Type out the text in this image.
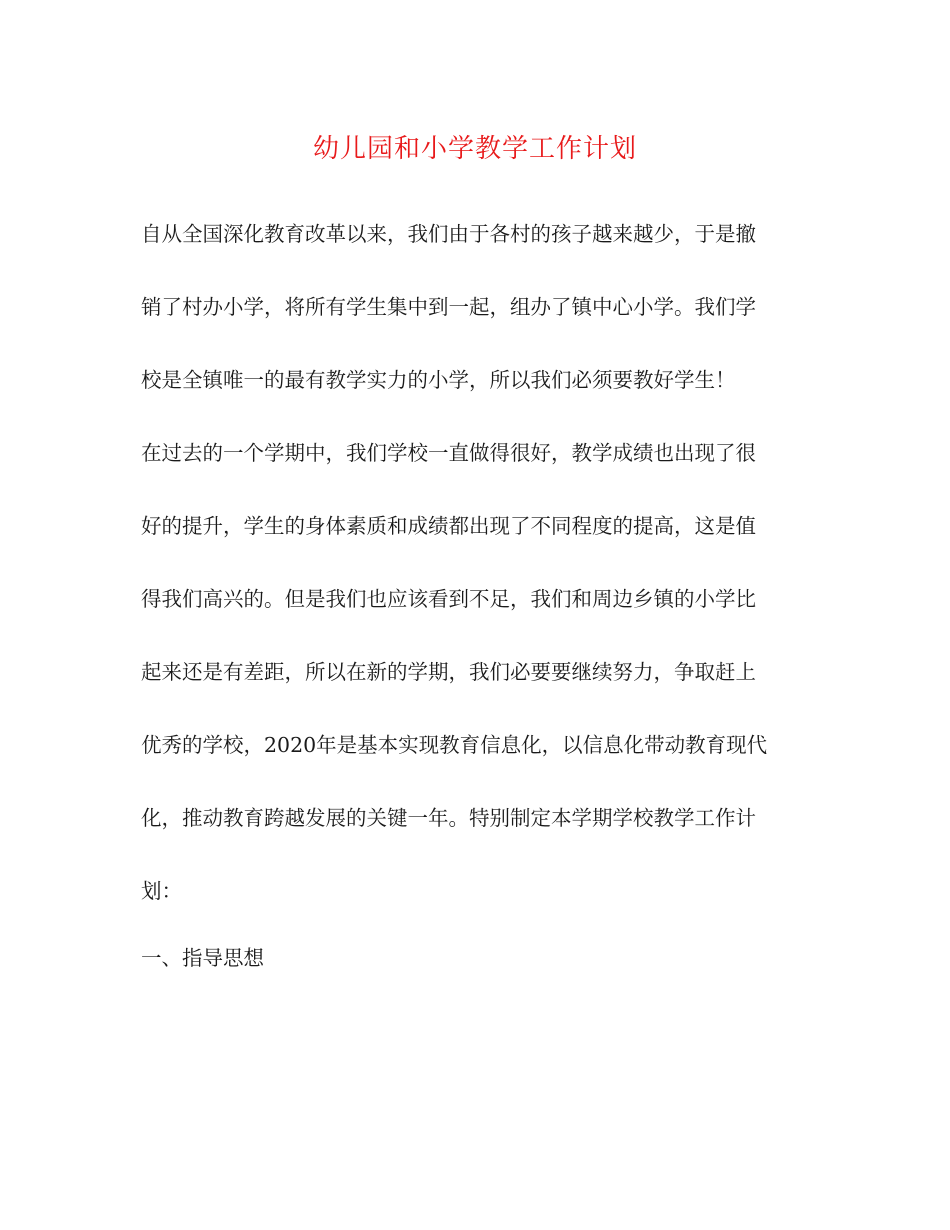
幼儿园和小学教学工作计划

自从全国深化教育改革以来，我们由于各村的孩子越来越少，于是撤

销了村办小学，将所有学生集中到一起，组办了镇中心小学。我们学

校是全镇唯一的最有教学实力的小学，所以我们必须要教好学生！

在过去的一个学期中，我们学校一直做得很好，教学成绩也出现了很

好的提升，学生的身体素质和成绩都出现了不同程度的提高，这是值

得我们高兴的。但是我们也应该看到不足，我们和周边乡镇的小学比

起来还是有差距，所以在新的学期，我们必要要继续努力，争取赶上

优秀的学校，2020年是基本实现教育信息化，以信息化带动教育现代

化，推动教育跨越发展的关键一年。特别制定本学期学校教学工作计

划：

一、指导思想
